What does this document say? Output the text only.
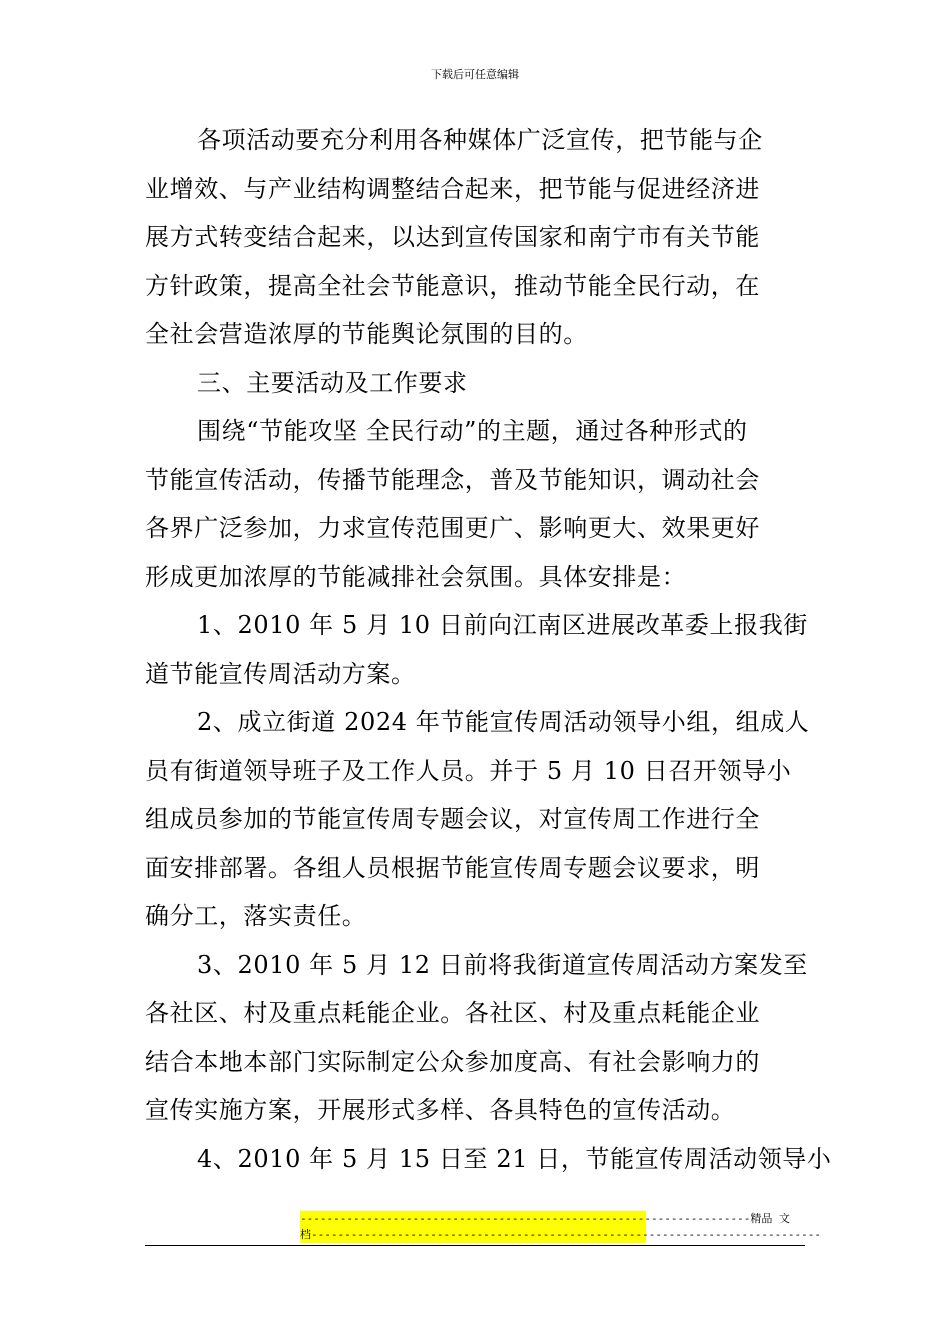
下载后可任意编辑
各项活动要充分利用各种媒体广泛宣传，把节能与企
业增效、与产业结构调整结合起来，把节能与促进经济进
展方式转变结合起来，以达到宣传国家和南宁市有关节能
方针政策，提高全社会节能意识，推动节能全民行动，在
全社会营造浓厚的节能舆论氛围的目的。
三、主要活动及工作要求
围绕“节能攻坚 全民行动”的主题，通过各种形式的
节能宣传活动，传播节能理念，普及节能知识，调动社会
各界广泛参加，力求宣传范围更广、影响更大、效果更好
形成更加浓厚的节能减排社会氛围。具体安排是：
1、2010 年 5 月 10 日前向江南区进展改革委上报我街
道节能宣传周活动方案。
2、成立街道 2024 年节能宣传周活动领导小组，组成人
员有街道领导班子及工作人员。并于 5 月 10 日召开领导小
组成员参加的节能宣传周专题会议，对宣传周工作进行全
面安排部署。各组人员根据节能宣传周专题会议要求，明
确分工，落实责任。
3、2010 年 5 月 12 日前将我街道宣传周活动方案发至
各社区、村及重点耗能企业。各社区、村及重点耗能企业
结合本地本部门实际制定公众参加度高、有社会影响力的
宣传实施方案，开展形式多样、各具特色的宣传活动。
4、2010 年 5 月 15 日至 21 日，节能宣传周活动领导小
--------------------------------------------------------------------精品 文
档-----------------------------------------------------------------------------
